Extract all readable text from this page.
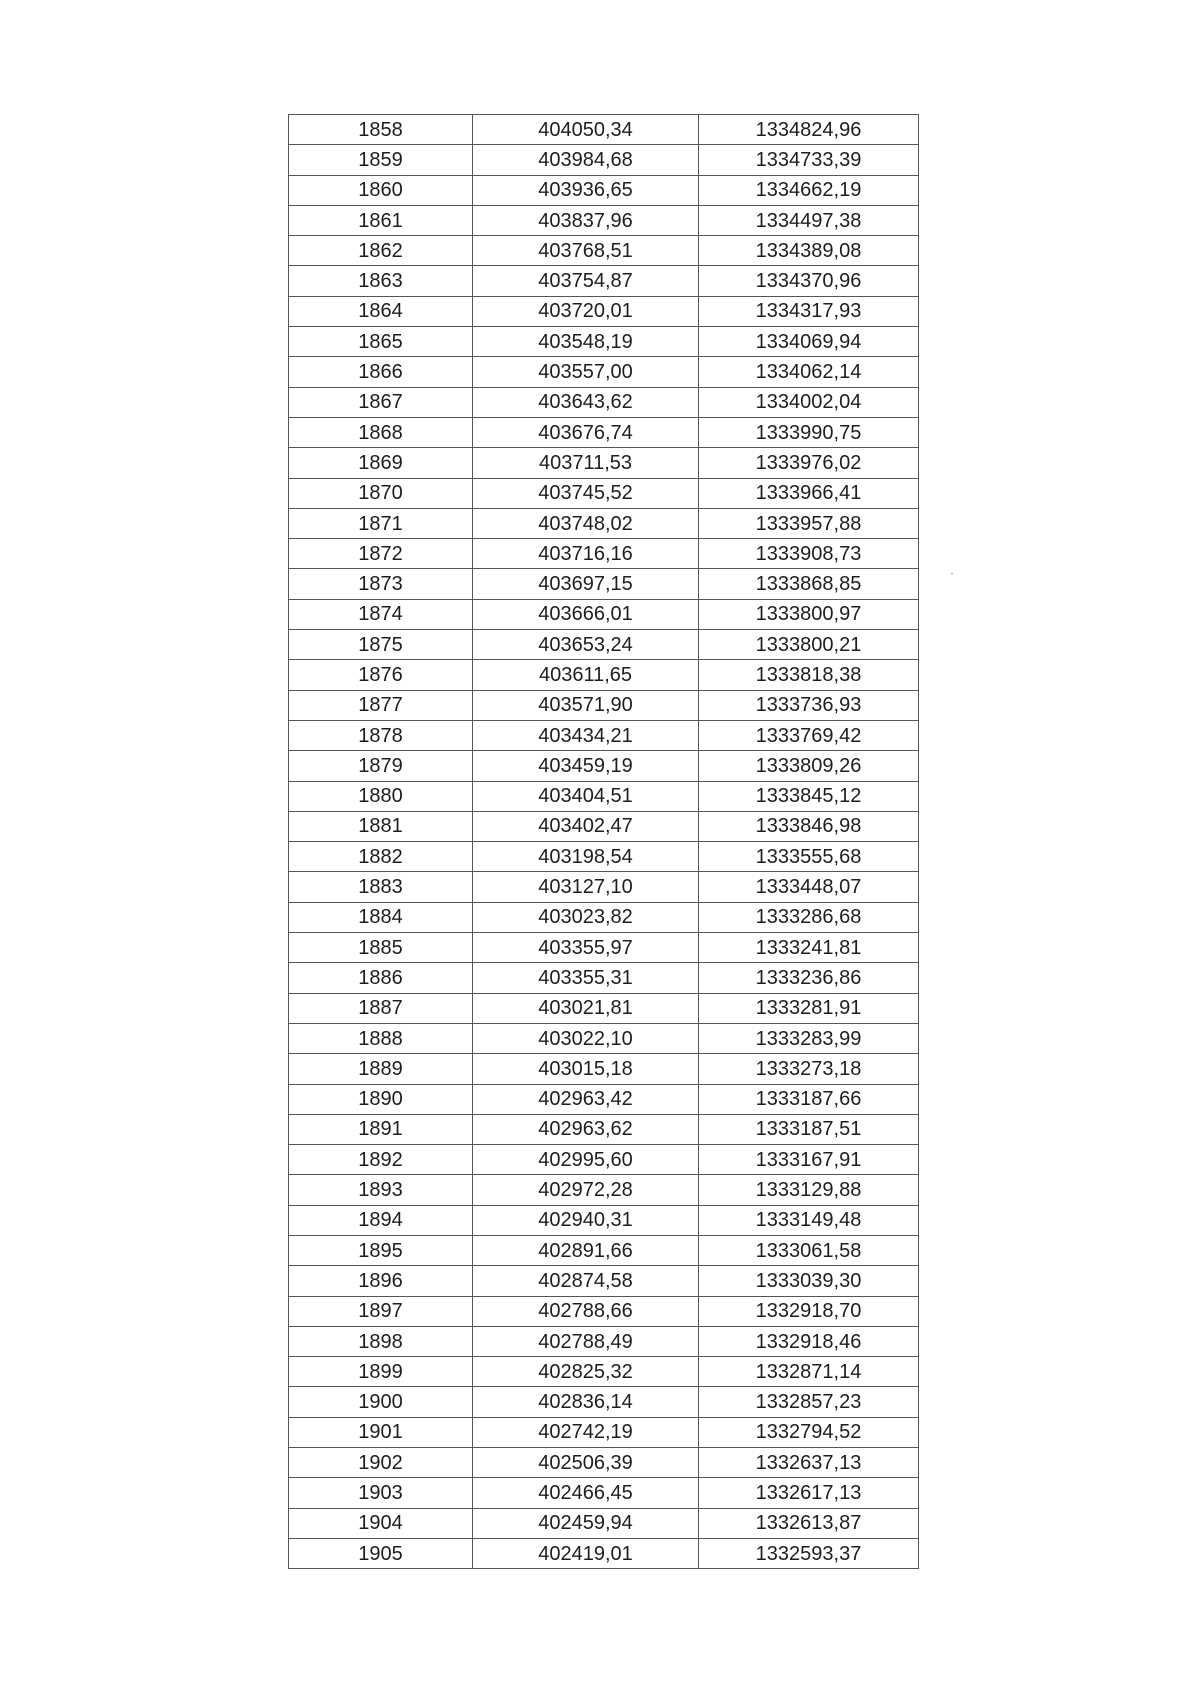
1858	404050,34	1334824,96
1859	403984,68	1334733,39
1860	403936,65	1334662,19
1861	403837,96	1334497,38
1862	403768,51	1334389,08
1863	403754,87	1334370,96
1864	403720,01	1334317,93
1865	403548,19	1334069,94
1866	403557,00	1334062,14
1867	403643,62	1334002,04
1868	403676,74	1333990,75
1869	403711,53	1333976,02
1870	403745,52	1333966,41
1871	403748,02	1333957,88
1872	403716,16	1333908,73
1873	403697,15	1333868,85
1874	403666,01	1333800,97
1875	403653,24	1333800,21
1876	403611,65	1333818,38
1877	403571,90	1333736,93
1878	403434,21	1333769,42
1879	403459,19	1333809,26
1880	403404,51	1333845,12
1881	403402,47	1333846,98
1882	403198,54	1333555,68
1883	403127,10	1333448,07
1884	403023,82	1333286,68
1885	403355,97	1333241,81
1886	403355,31	1333236,86
1887	403021,81	1333281,91
1888	403022,10	1333283,99
1889	403015,18	1333273,18
1890	402963,42	1333187,66
1891	402963,62	1333187,51
1892	402995,60	1333167,91
1893	402972,28	1333129,88
1894	402940,31	1333149,48
1895	402891,66	1333061,58
1896	402874,58	1333039,30
1897	402788,66	1332918,70
1898	402788,49	1332918,46
1899	402825,32	1332871,14
1900	402836,14	1332857,23
1901	402742,19	1332794,52
1902	402506,39	1332637,13
1903	402466,45	1332617,13
1904	402459,94	1332613,87
1905	402419,01	1332593,37
